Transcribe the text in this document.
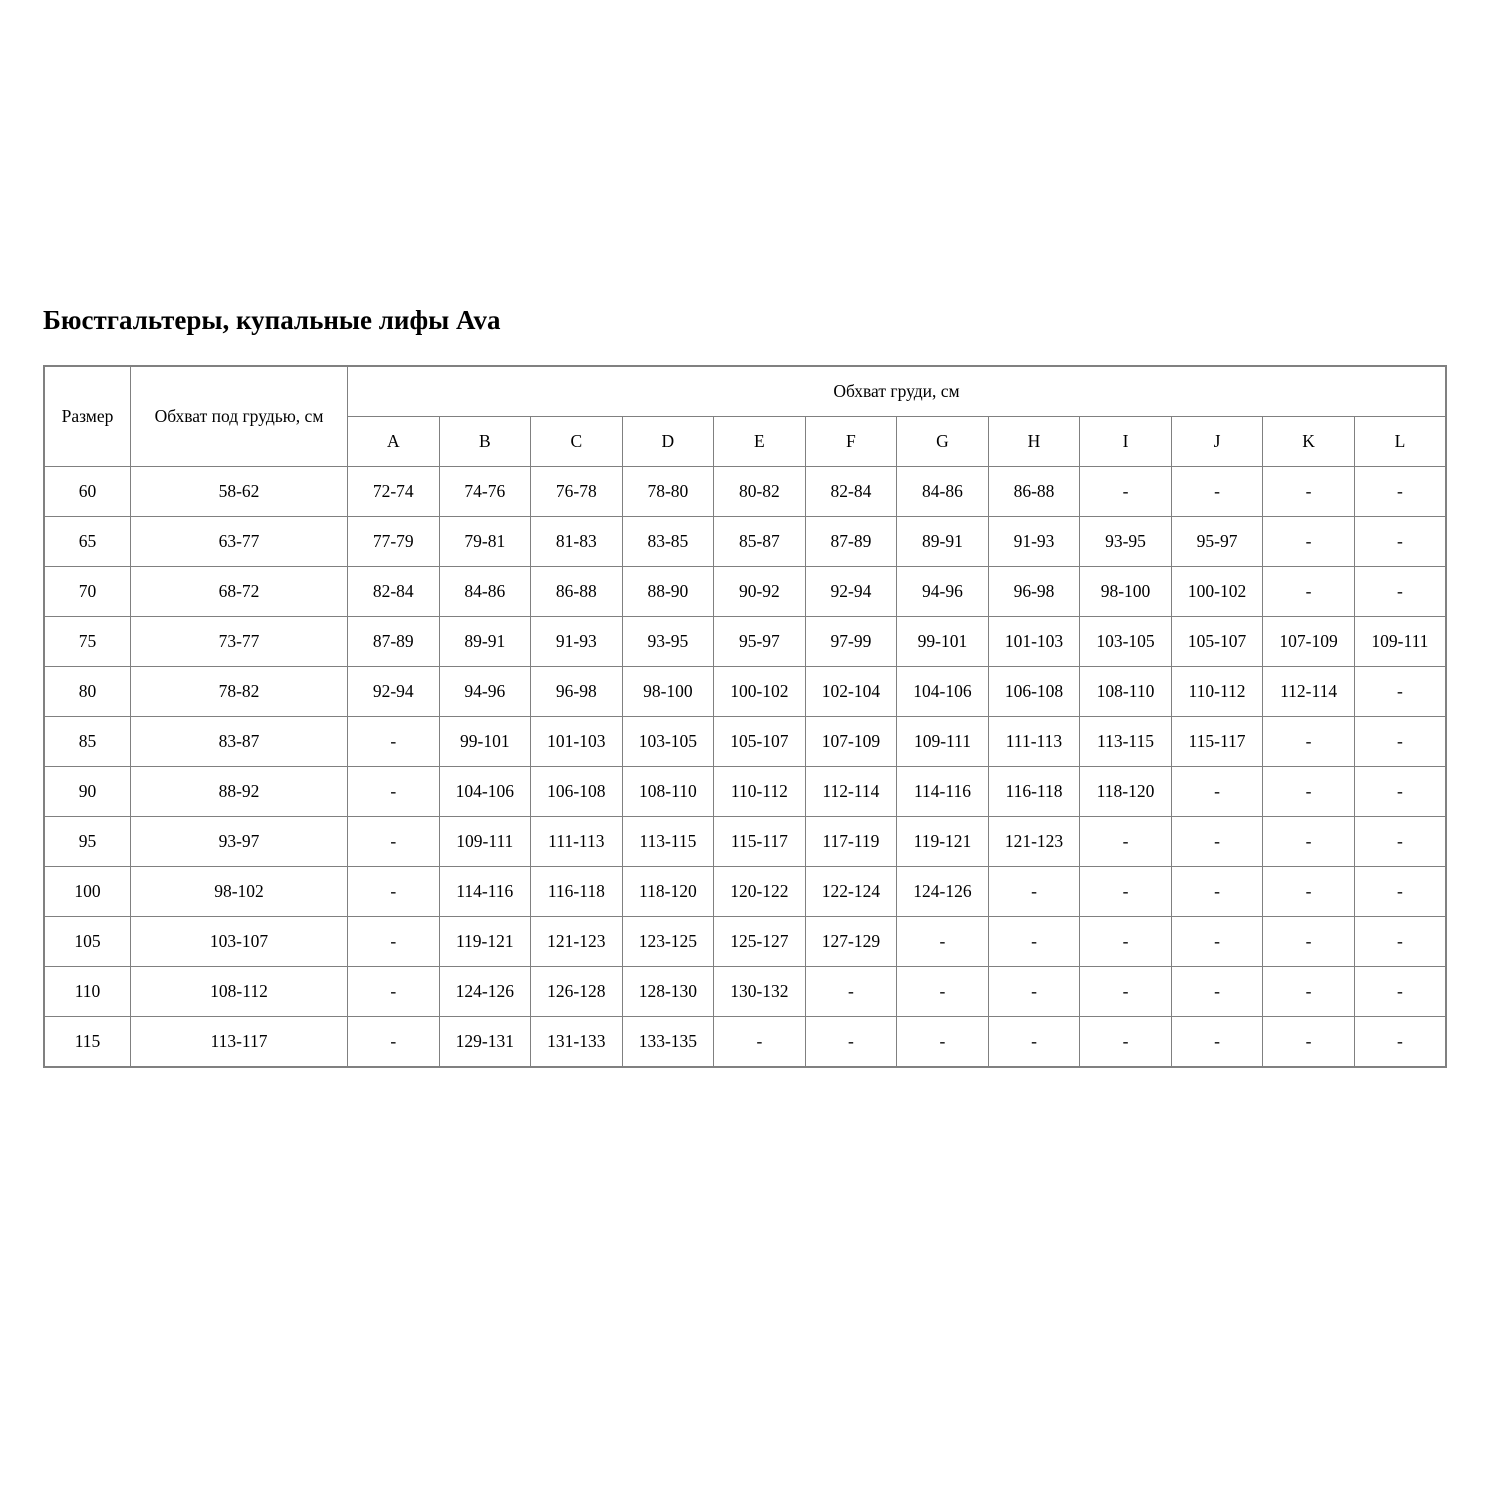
Бюстгальтеры, купальные лифы Ava
Размер	Обхват под грудью, см	Обхват груди, см											
		A	B	C	D	E	F	G	H	I	J	K	L
60	58-62	72-74	74-76	76-78	78-80	80-82	82-84	84-86	86-88	-	-	-	-
65	63-77	77-79	79-81	81-83	83-85	85-87	87-89	89-91	91-93	93-95	95-97	-	-
70	68-72	82-84	84-86	86-88	88-90	90-92	92-94	94-96	96-98	98-100	100-102	-	-
75	73-77	87-89	89-91	91-93	93-95	95-97	97-99	99-101	101-103	103-105	105-107	107-109	109-111
80	78-82	92-94	94-96	96-98	98-100	100-102	102-104	104-106	106-108	108-110	110-112	112-114	-
85	83-87	-	99-101	101-103	103-105	105-107	107-109	109-111	111-113	113-115	115-117	-	-
90	88-92	-	104-106	106-108	108-110	110-112	112-114	114-116	116-118	118-120	-	-	-
95	93-97	-	109-111	111-113	113-115	115-117	117-119	119-121	121-123	-	-	-	-
100	98-102	-	114-116	116-118	118-120	120-122	122-124	124-126	-	-	-	-	-
105	103-107	-	119-121	121-123	123-125	125-127	127-129	-	-	-	-	-	-
110	108-112	-	124-126	126-128	128-130	130-132	-	-	-	-	-	-	-
115	113-117	-	129-131	131-133	133-135	-	-	-	-	-	-	-	-
